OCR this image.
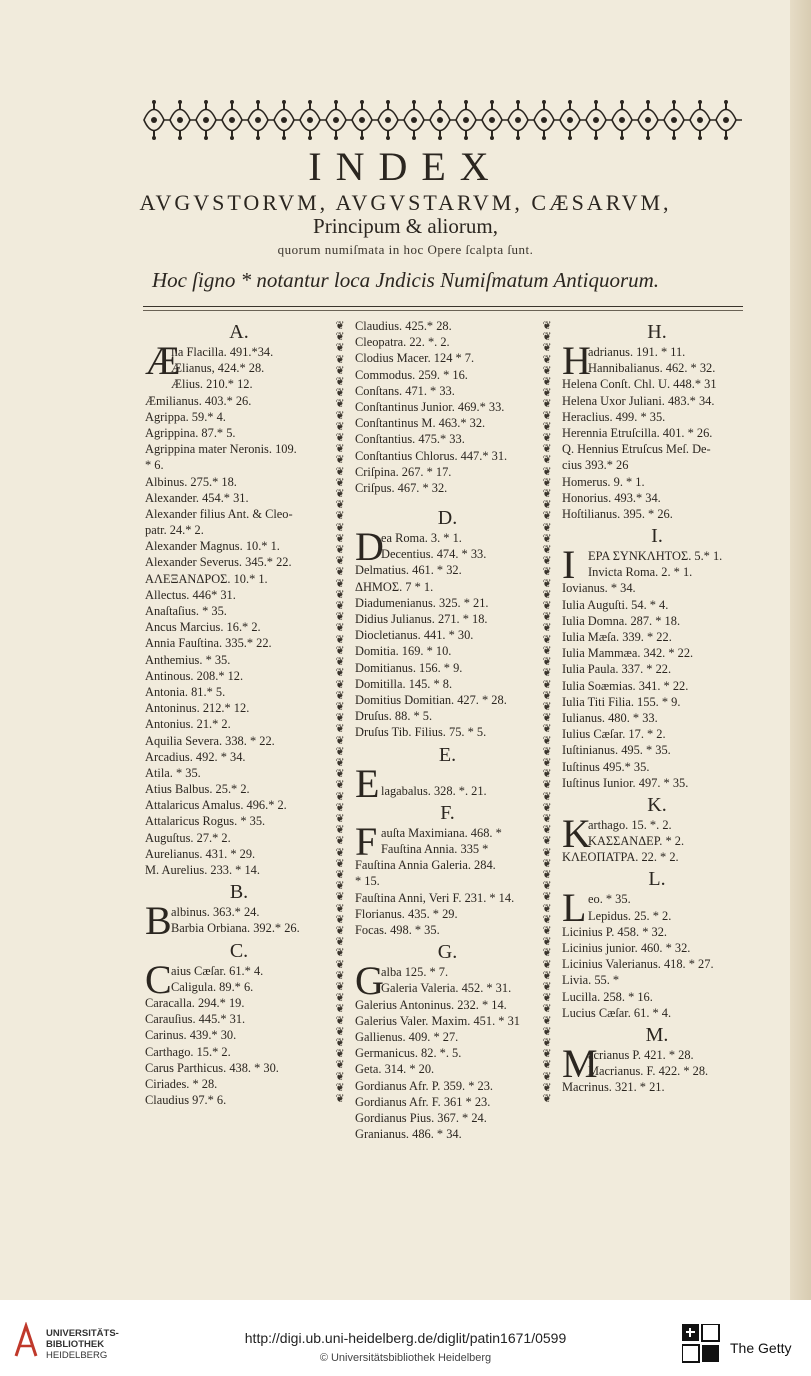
INDEX
AVGVSTORVM, AVGVSTARVM, CÆSARVM,
Principum & aliorum,
quorum numiſmata in hoc Opere ſcalpta ſunt.
Hoc ſigno * notantur loca Jndicis Numiſmatum Antiquorum.
A.
Æ
lia Flacilla. 491.*34.
Ælianus, 424.* 28.
Ælius. 210.* 12.
Æmilianus. 403.* 26.
Agrippa. 59.* 4.
Agrippina. 87.* 5.
Agrippina mater Neronis. 109.
* 6.
Albinus. 275.* 18.
Alexander. 454.* 31.
Alexander filius Ant. & Cleo-
patr. 24.* 2.
Alexander Magnus. 10.* 1.
Alexander Severus. 345.* 22.
ΑΛΕΞΑΝΔΡΟΣ. 10.* 1.
Allectus. 446* 31.
Anaſtaſius. * 35.
Ancus Marcius. 16.* 2.
Annia Fauſtina. 335.* 22.
Anthemius. * 35.
Antinous. 208.* 12.
Antonia. 81.* 5.
Antoninus. 212.* 12.
Antonius. 21.* 2.
Aquilia Severa. 338. * 22.
Arcadius. 492. * 34.
Atila. * 35.
Atius Balbus. 25.* 2.
Attalaricus Amalus. 496.* 2.
Attalaricus Rogus. * 35.
Auguſtus. 27.* 2.
Aurelianus. 431. * 29.
M. Aurelius. 233. * 14.
B.
B albinus. 363.* 24.
Barbia Orbiana. 392.* 26.
C.
C aius Cæſar. 61.* 4.
Caligula. 89.* 6.
Caracalla. 294.* 19.
Carauſius. 445.* 31.
Carinus. 439.* 30.
Carthago. 15.* 2.
Carus Parthicus. 438. * 30.
Ciriades. * 28.
Claudius 97.* 6.
❦
❦
❦
❦
❦
❦
❦
❦
❦
❦
❦
❦
❦
❦
❦
❦
❦
❦
❦
❦
❦
❦
❦
❦
❦
❦
❦
❦
❦
❦
❦
❦
❦
❦
❦
❦
❦
❦
❦
❦
❦
❦
❦
❦
❦
❦
❦
❦
❦
❦
❦
❦
❦
❦
❦
❦
❦
❦
❦
❦
❦
❦
❦
❦
❦
❦
❦
❦
❦
❦
Claudius. 425.* 28.
Cleopatra. 22. *. 2.
Clodius Macer. 124 * 7.
Commodus. 259. * 16.
Conſtans. 471. * 33.
Conſtantinus Junior. 469.* 33.
Conſtantinus M. 463.* 32.
Conſtantius. 475.* 33.
Conſtantius Chlorus. 447.* 31.
Criſpina. 267. * 17.
Criſpus. 467. * 32.
D.
D
ea Roma. 3. * 1.
Decentius. 474. * 33.
Delmatius. 461. * 32.
ΔΗΜΟΣ. 7 * 1.
Diadumenianus. 325. * 21.
Didius Julianus. 271. * 18.
Diocletianus. 441. * 30.
Domitia. 169. * 10.
Domitianus. 156. * 9.
Domitilla. 145. * 8.
Domitius Domitian. 427. * 28.
Druſus. 88. * 5.
Druſus Tib. Filius. 75. * 5.
E.
E lagabalus. 328. *. 21.
F.
F auſta Maximiana. 468. *
Fauſtina Annia. 335 *
Fauſtina Annia Galeria. 284.
* 15.
Fauſtina Anni, Veri F. 231. * 14.
Florianus. 435. * 29.
Focas. 498. * 35.
G.
G
alba 125. * 7.
Galeria Valeria. 452. * 31.
Galerius Antoninus. 232. * 14.
Galerius Valer. Maxim. 451. * 31
Gallienus. 409. * 27.
Germanicus. 82. *. 5.
Geta. 314. * 20.
Gordianus Afr. P. 359. * 23.
Gordianus Afr. F. 361 * 23.
Gordianus Pius. 367. * 24.
Granianus. 486. * 34.
❦
❦
❦
❦
❦
❦
❦
❦
❦
❦
❦
❦
❦
❦
❦
❦
❦
❦
❦
❦
❦
❦
❦
❦
❦
❦
❦
❦
❦
❦
❦
❦
❦
❦
❦
❦
❦
❦
❦
❦
❦
❦
❦
❦
❦
❦
❦
❦
❦
❦
❦
❦
❦
❦
❦
❦
❦
❦
❦
❦
❦
❦
❦
❦
❦
❦
❦
❦
❦
❦
H.
H
adrianus. 191. * 11.
Hannibalianus. 462. * 32.
Helena Conſt. Chl. U. 448.* 31
Helena Uxor Juliani. 483.* 34.
Heraclius. 499. * 35.
Herennia Etruſcilla. 401. * 26.
Q. Hennius Etruſcus Meſ. De-
cius 393.* 26
Homerus. 9. * 1.
Honorius. 493.* 34.
Hoſtilianus. 395. * 26.
I.
I ΕΡΑ ΣΥΝΚΛΗΤΟΣ. 5.* 1.
Invicta Roma. 2. * 1.
Iovianus. * 34.
Iulia Auguſti. 54. * 4.
Iulia Domna. 287. * 18.
Iulia Mæſa. 339. * 22.
Iulia Mammæa. 342. * 22.
Iulia Paula. 337. * 22.
Iulia Soæmias. 341. * 22.
Iulia Titi Filia. 155. * 9.
Iulianus. 480. * 33.
Iulius Cæſar. 17. * 2.
Iuſtinianus. 495. * 35.
Iuſtinus 495.* 35.
Iuſtinus Iunior. 497. * 35.
K.
K
arthago. 15. *. 2.
ΚΑΣΣΑΝΔΕΡ. * 2.
ΚΛΕΟΠΑΤΡΑ. 22. * 2.
L.
L eo. * 35.
Lepidus. 25. * 2.
Licinius P. 458. * 32.
Licinius junior. 460. * 32.
Licinius Valerianus. 418. * 27.
Livia. 55. *
Lucilla. 258. * 16.
Lucius Cæſar. 61. * 4.
M.
M
acrianus P. 421. * 28.
Macrianus. F. 422. * 28.
Macrinus. 321. * 21.
UNIVERSITÄTS-
BIBLIOTHEK
HEIDELBERG
http://digi.ub.uni-heidelberg.de/diglit/patin1671/0599
© Universitätsbibliothek Heidelberg
The Getty
